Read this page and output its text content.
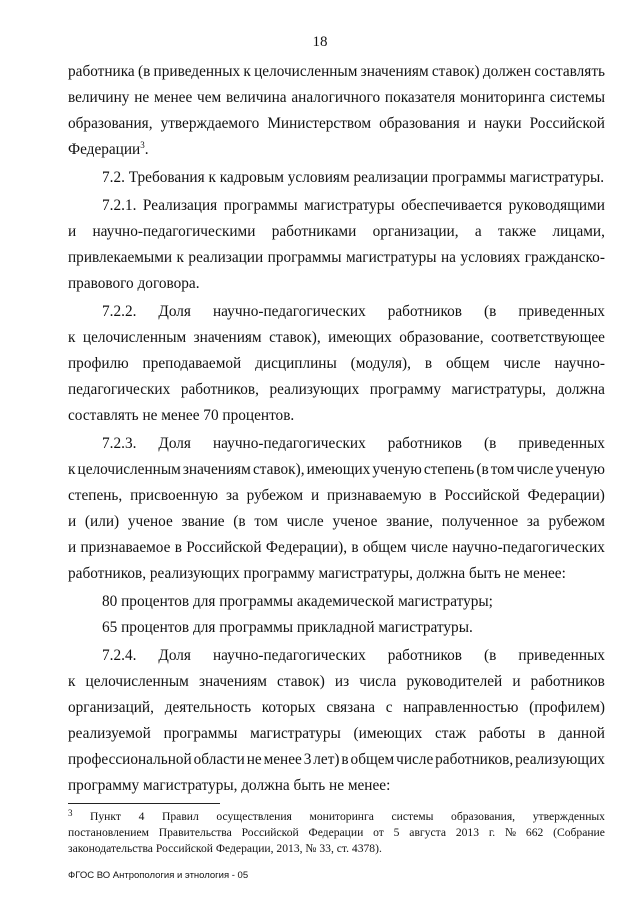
18
работника (в приведенных к целочисленным значениям ставок) должен составлять
величину не менее чем величина аналогичного показателя мониторинга системы
образования, утверждаемого Министерством образования и науки Российской
Федерации$^3$.
7.2. Требования к кадровым условиям реализации программы магистратуры.
7.2.1. Реализация программы магистратуры обеспечивается руководящими
и научно-педагогическими работниками организации, а также лицами,
привлекаемыми к реализации программы магистратуры на условиях гражданско-
правового договора.
7.2.2. Доля научно-педагогических работников (в приведенных
к целочисленным значениям ставок), имеющих образование, соответствующее
профилю преподаваемой дисциплины (модуля), в общем числе научно-
педагогических работников, реализующих программу магистратуры, должна
составлять не менее 70 процентов.
7.2.3. Доля научно-педагогических работников (в приведенных
к целочисленным значениям ставок), имеющих ученую степень (в том числе ученую
степень, присвоенную за рубежом и признаваемую в Российской Федерации)
и (или) ученое звание (в том числе ученое звание, полученное за рубежом
и признаваемое в Российской Федерации), в общем числе научно-педагогических
работников, реализующих программу магистратуры, должна быть не менее:
80 процентов для программы академической магистратуры;
65 процентов для программы прикладной магистратуры.
7.2.4. Доля научно-педагогических работников (в приведенных
к целочисленным значениям ставок) из числа руководителей и работников
организаций, деятельность которых связана с направленностью (профилем)
реализуемой программы магистратуры (имеющих стаж работы в данной
профессиональной области не менее 3 лет) в общем числе работников, реализующих
программу магистратуры, должна быть не менее:
3 Пункт 4 Правил осуществления мониторинга системы образования, утвержденных
постановлением Правительства Российской Федерации от 5 августа 2013 г. № 662 (Собрание
законодательства Российской Федерации, 2013, № 33, ст. 4378).
ФГОС ВО Антропология и этнология - 05
